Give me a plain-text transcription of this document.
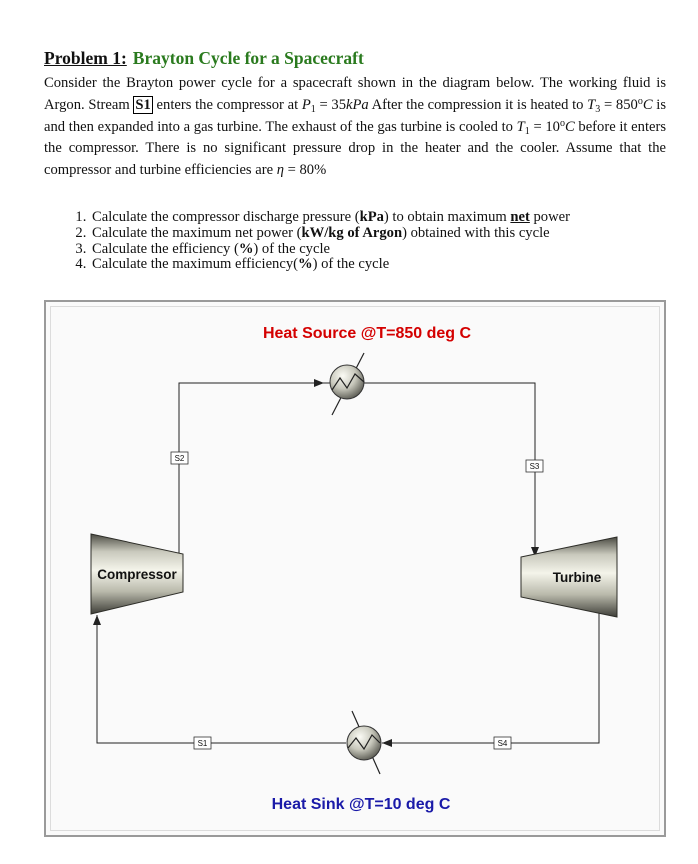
Problem 1: Brayton Cycle for a Spacecraft
Consider the Brayton power cycle for a spacecraft shown in the diagram below. The working fluid is Argon. Stream S1 enters the compressor at $P_1 = 35kPa$ After the compression it is heated to $T_3 = 850^oC$ is and then expanded into a gas turbine. The exhaust of the gas turbine is cooled to $T_1 = 10^oC$ before it enters the compressor. There is no significant pressure drop in the heater and the cooler. Assume that the compressor and turbine efficiencies are η = 80%
1. Calculate the compressor discharge pressure (kPa) to obtain maximum net power
2. Calculate the maximum net power (kW/kg of Argon) obtained with this cycle
3. Calculate the efficiency (%) of the cycle
4. Calculate the maximum efficiency(%) of the cycle
Compressor	Turbine
S2
S3
S1	S4
Heat Source @T=850 deg C
Heat Sink @T=10 deg C
